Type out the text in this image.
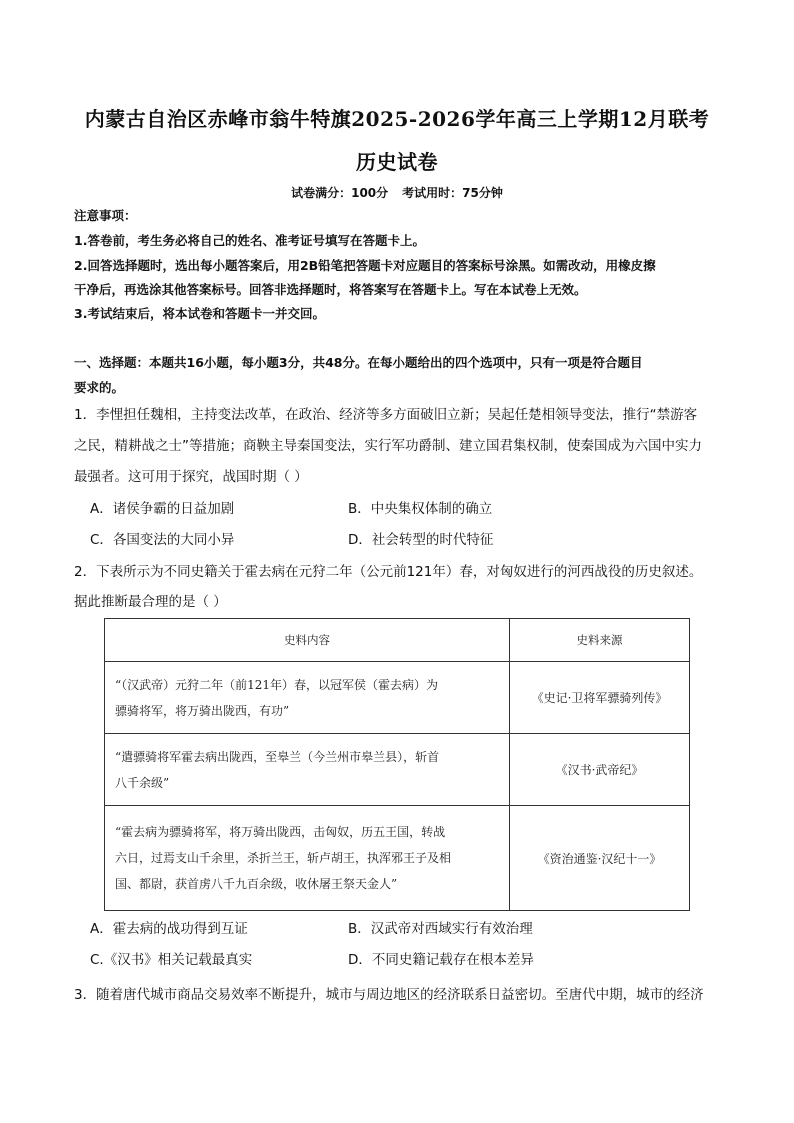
内蒙古自治区赤峰市翁牛特旗2025-2026学年高三上学期12月联考
历史试卷
试卷满分：100分 考试用时：75分钟
注意事项：
1.答卷前，考生务必将自己的姓名、准考证号填写在答题卡上。
2.回答选择题时，选出每小题答案后，用2B铅笔把答题卡对应题目的答案标号涂黑。如需改动，用橡皮擦
干净后，再选涂其他答案标号。回答非选择题时，将答案写在答题卡上。写在本试卷上无效。
3.考试结束后，将本试卷和答题卡一并交回。
一、选择题：本题共16小题，每小题3分，共48分。在每小题给出的四个选项中，只有一项是符合题目
要求的。
1．李悝担任魏相，主持变法改革，在政治、经济等多方面破旧立新；吴起任楚相领导变法，推行“禁游客
之民，精耕战之士”等措施；商鞅主导秦国变法，实行军功爵制、建立国君集权制，使秦国成为六国中实力
最强者。这可用于探究，战国时期（ ）
A．诸侯争霸的日益加剧	B．中央集权体制的确立
C．各国变法的大同小异	D．社会转型的时代特征
2．下表所示为不同史籍关于霍去病在元狩二年（公元前121年）春，对匈奴进行的河西战役的历史叙述。
据此推断最合理的是（ ）
史料内容	史料来源

“（汉武帝）元狩二年（前121年）春，以冠军侯（霍去病）为
骠骑将军，将万骑出陇西，有功”	《史记·卫将军骠骑列传》

“遣骠骑将军霍去病出陇西，至皋兰（今兰州市皋兰县），斩首
八千余级”	《汉书·武帝纪》

“霍去病为骠骑将军，将万骑出陇西，击匈奴，历五王国，转战
六日，过焉支山千余里，杀折兰王，斩卢胡王，执浑邪王子及相
国、都尉，获首虏八千九百余级，收休屠王祭天金人”	《资治通鉴·汉纪十一》
A．霍去病的战功得到互证	B．汉武帝对西域实行有效治理
C.《汉书》相关记载最真实	D．不同史籍记载存在根本差异
3．随着唐代城市商品交易效率不断提升，城市与周边地区的经济联系日益密切。至唐代中期，城市的经济
